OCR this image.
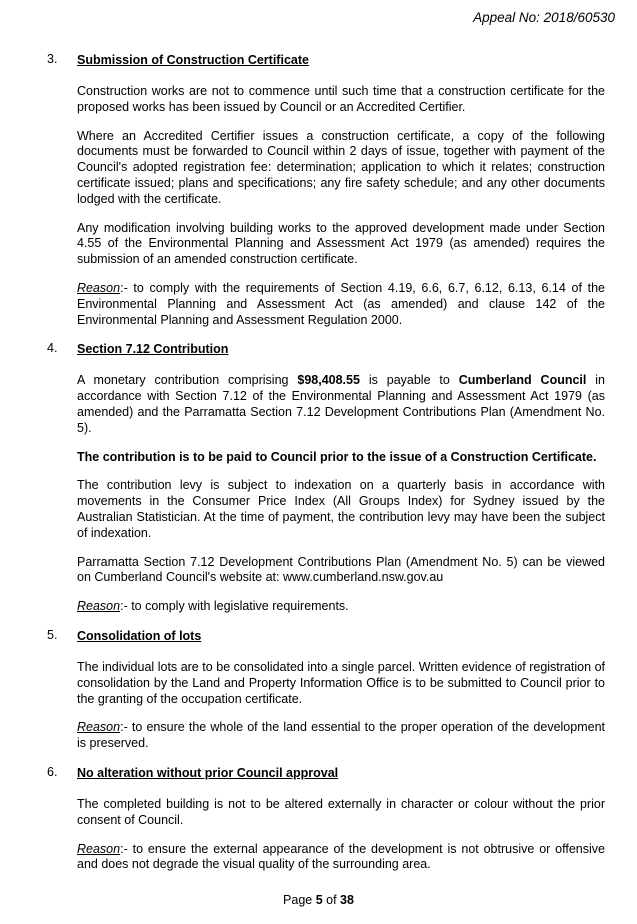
Appeal No: 2018/60530
3. Submission of Construction Certificate

Construction works are not to commence until such time that a construction certificate for the proposed works has been issued by Council or an Accredited Certifier.

Where an Accredited Certifier issues a construction certificate, a copy of the following documents must be forwarded to Council within 2 days of issue, together with payment of the Council's adopted registration fee: determination; application to which it relates; construction certificate issued; plans and specifications; any fire safety schedule; and any other documents lodged with the certificate.

Any modification involving building works to the approved development made under Section 4.55 of the Environmental Planning and Assessment Act 1979 (as amended) requires the submission of an amended construction certificate.

Reason:- to comply with the requirements of Section 4.19, 6.6, 6.7, 6.12, 6.13, 6.14 of the Environmental Planning and Assessment Act (as amended) and clause 142 of the Environmental Planning and Assessment Regulation 2000.

4. Section 7.12 Contribution

A monetary contribution comprising $98,408.55 is payable to Cumberland Council in accordance with Section 7.12 of the Environmental Planning and Assessment Act 1979 (as amended) and the Parramatta Section 7.12 Development Contributions Plan (Amendment No. 5).

The contribution is to be paid to Council prior to the issue of a Construction Certificate.

The contribution levy is subject to indexation on a quarterly basis in accordance with movements in the Consumer Price Index (All Groups Index) for Sydney issued by the Australian Statistician. At the time of payment, the contribution levy may have been the subject of indexation.

Parramatta Section 7.12 Development Contributions Plan (Amendment No. 5) can be viewed on Cumberland Council's website at: www.cumberland.nsw.gov.au

Reason:- to comply with legislative requirements.

5. Consolidation of lots

The individual lots are to be consolidated into a single parcel. Written evidence of registration of consolidation by the Land and Property Information Office is to be submitted to Council prior to the granting of the occupation certificate.

Reason:- to ensure the whole of the land essential to the proper operation of the development is preserved.

6. No alteration without prior Council approval

The completed building is not to be altered externally in character or colour without the prior consent of Council.

Reason:- to ensure the external appearance of the development is not obtrusive or offensive and does not degrade the visual quality of the surrounding area.

Page 5 of 38
